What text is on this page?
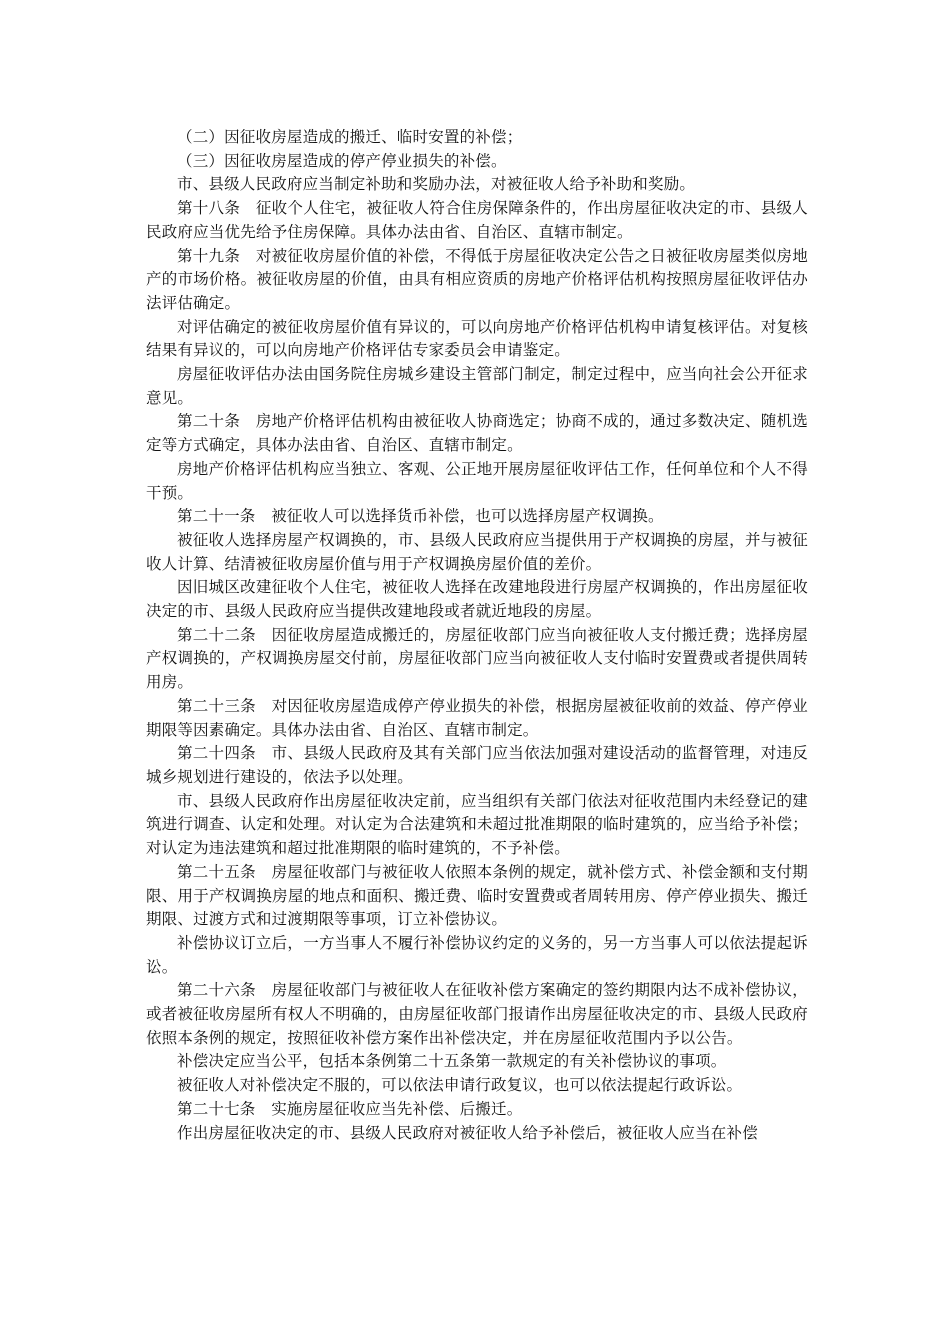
（二）因征收房屋造成的搬迁、临时安置的补偿；

（三）因征收房屋造成的停产停业损失的补偿。

市、县级人民政府应当制定补助和奖励办法，对被征收人给予补助和奖励。

第十八条　征收个人住宅，被征收人符合住房保障条件的，作出房屋征收决定的市、县级人民政府应当优先给予住房保障。具体办法由省、自治区、直辖市制定。

第十九条　对被征收房屋价值的补偿，不得低于房屋征收决定公告之日被征收房屋类似房地产的市场价格。被征收房屋的价值，由具有相应资质的房地产价格评估机构按照房屋征收评估办法评估确定。

对评估确定的被征收房屋价值有异议的，可以向房地产价格评估机构申请复核评估。对复核结果有异议的，可以向房地产价格评估专家委员会申请鉴定。

房屋征收评估办法由国务院住房城乡建设主管部门制定，制定过程中，应当向社会公开征求意见。

第二十条　房地产价格评估机构由被征收人协商选定；协商不成的，通过多数决定、随机选定等方式确定，具体办法由省、自治区、直辖市制定。

房地产价格评估机构应当独立、客观、公正地开展房屋征收评估工作，任何单位和个人不得干预。

第二十一条　被征收人可以选择货币补偿，也可以选择房屋产权调换。

被征收人选择房屋产权调换的，市、县级人民政府应当提供用于产权调换的房屋，并与被征收人计算、结清被征收房屋价值与用于产权调换房屋价值的差价。

因旧城区改建征收个人住宅，被征收人选择在改建地段进行房屋产权调换的，作出房屋征收决定的市、县级人民政府应当提供改建地段或者就近地段的房屋。

第二十二条　因征收房屋造成搬迁的，房屋征收部门应当向被征收人支付搬迁费；选择房屋产权调换的，产权调换房屋交付前，房屋征收部门应当向被征收人支付临时安置费或者提供周转用房。

第二十三条　对因征收房屋造成停产停业损失的补偿，根据房屋被征收前的效益、停产停业期限等因素确定。具体办法由省、自治区、直辖市制定。

第二十四条　市、县级人民政府及其有关部门应当依法加强对建设活动的监督管理，对违反城乡规划进行建设的，依法予以处理。

市、县级人民政府作出房屋征收决定前，应当组织有关部门依法对征收范围内未经登记的建筑进行调查、认定和处理。对认定为合法建筑和未超过批准期限的临时建筑的，应当给予补偿；对认定为违法建筑和超过批准期限的临时建筑的，不予补偿。

第二十五条　房屋征收部门与被征收人依照本条例的规定，就补偿方式、补偿金额和支付期限、用于产权调换房屋的地点和面积、搬迁费、临时安置费或者周转用房、停产停业损失、搬迁期限、过渡方式和过渡期限等事项，订立补偿协议。

补偿协议订立后，一方当事人不履行补偿协议约定的义务的，另一方当事人可以依法提起诉讼。

第二十六条　房屋征收部门与被征收人在征收补偿方案确定的签约期限内达不成补偿协议，或者被征收房屋所有权人不明确的，由房屋征收部门报请作出房屋征收决定的市、县级人民政府依照本条例的规定，按照征收补偿方案作出补偿决定，并在房屋征收范围内予以公告。

补偿决定应当公平，包括本条例第二十五条第一款规定的有关补偿协议的事项。

被征收人对补偿决定不服的，可以依法申请行政复议，也可以依法提起行政诉讼。

第二十七条　实施房屋征收应当先补偿、后搬迁。

作出房屋征收决定的市、县级人民政府对被征收人给予补偿后，被征收人应当在补偿
